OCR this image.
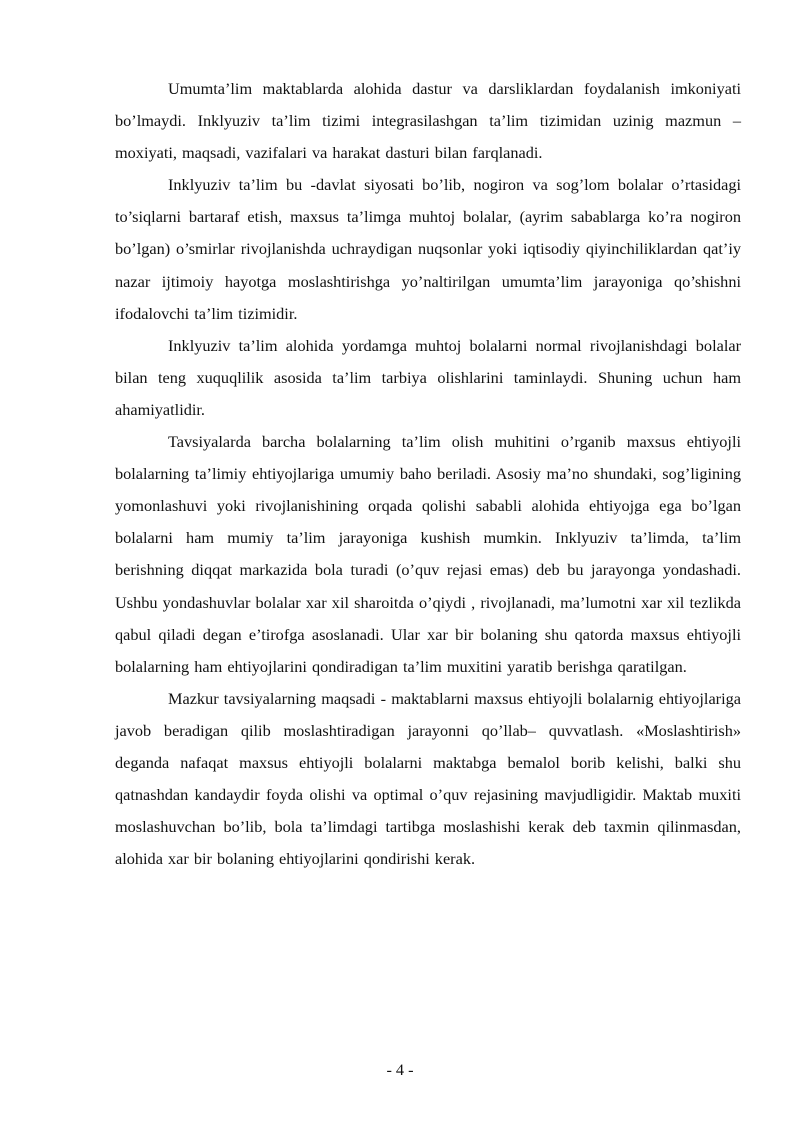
Umumta’lim maktablarda alohida dastur va darsliklardan foydalanish imkoniyati bo’lmaydi. Inklyuziv ta’lim tizimi integrasilashgan ta’lim tizimidan uzinig mazmun – moxiyati, maqsadi, vazifalari va harakat dasturi bilan farqlanadi.

Inklyuziv ta’lim bu -davlat siyosati bo’lib, nogiron va sog’lom bolalar o’rtasidagi to’siqlarni bartaraf etish, maxsus ta’limga muhtoj bolalar, (ayrim sabablarga ko’ra nogiron bo’lgan) o’smirlar rivojlanishda uchraydigan nuqsonlar yoki iqtisodiy qiyinchiliklardan qat’iy nazar ijtimoiy hayotga moslashtirishga yo’naltirilgan umumta’lim jarayoniga qo’shishni ifodalovchi ta’lim tizimidir.

Inklyuziv ta’lim alohida yordamga muhtoj bolalarni normal rivojlanishdagi bolalar bilan teng xuquqlilik asosida ta’lim tarbiya olishlarini taminlaydi. Shuning uchun ham ahamiyatlidir.

Tavsiyalarda barcha bolalarning ta’lim olish muhitini o’rganib maxsus ehtiyojli bolalarning ta’limiy ehtiyojlariga umumiy baho beriladi. Asosiy ma’no shundaki, sog’ligining yomonlashuvi yoki rivojlanishining orqada qolishi sababli alohida ehtiyojga ega bo’lgan bolalarni ham mumiy ta’lim jarayoniga kushish mumkin. Inklyuziv ta’limda, ta’lim berishning diqqat markazida bola turadi (o’quv rejasi emas) deb bu jarayonga yondashadi. Ushbu yondashuvlar bolalar xar xil sharoitda o’qiydi , rivojlanadi, ma’lumotni xar xil tezlikda qabul qiladi degan e’tirofga asoslanadi. Ular xar bir bolaning shu qatorda maxsus ehtiyojli bolalarning ham ehtiyojlarini qondiradigan ta’lim muxitini yaratib berishga qaratilgan.

Mazkur tavsiyalarning maqsadi - maktablarni maxsus ehtiyojli bolalarnig ehtiyojlariga javob beradigan qilib moslashtiradigan jarayonni qo’llab– quvvatlash. «Moslashtirish» deganda nafaqat maxsus ehtiyojli bolalarni maktabga bemalol borib kelishi, balki shu qatnashdan kandaydir foyda olishi va optimal o’quv rejasining mavjudligidir. Maktab muxiti moslashuvchan bo’lib, bola ta’limdagi tartibga moslashishi kerak deb taxmin qilinmasdan, alohida xar bir bolaning ehtiyojlarini qondirishi kerak.

- 4 -
